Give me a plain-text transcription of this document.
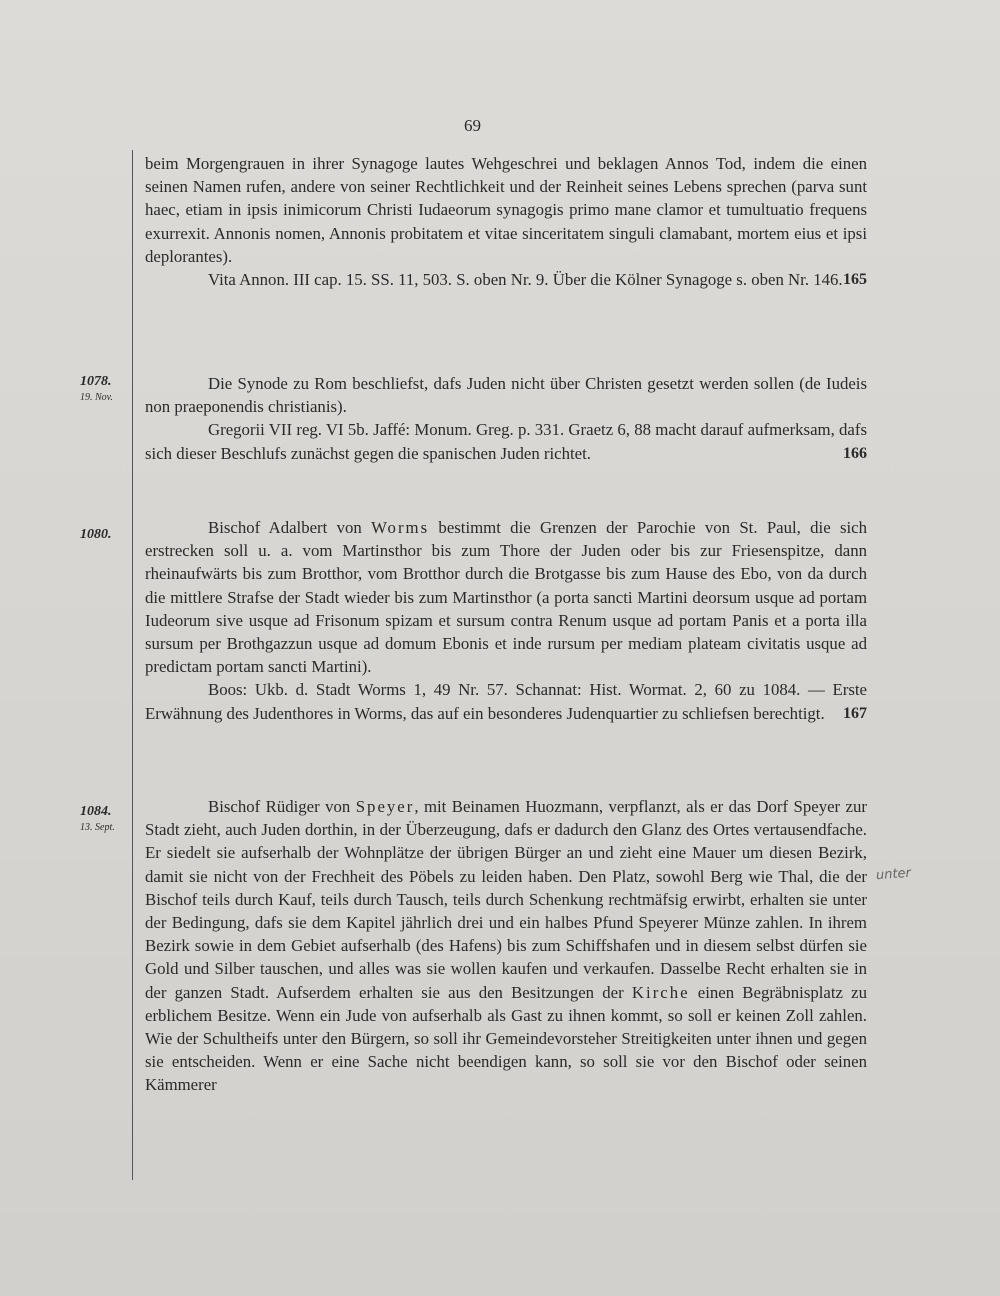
69

beim Morgengrauen in ihrer Synagoge lautes Wehgeschrei und beklagen Annos Tod, indem die einen seinen Namen rufen, andere von seiner Rechtlichkeit und der Reinheit seines Lebens sprechen (parva sunt haec, etiam in ipsis inimicorum Christi Iudaeorum synagogis primo mane clamor et tumultuatio frequens exurrexit. Annonis nomen, Annonis probitatem et vitae sinceritatem singuli clamabant, mortem eius et ipsi deplorantes).

Vita Annon. III cap. 15. SS. 11, 503. S. oben Nr. 9. Über die Kölner Synagoge s. oben Nr. 146. 165
1078.
19. Nov.

Die Synode zu Rom beschliefst, dafs Juden nicht über Christen gesetzt werden sollen (de Iudeis non praeponendis christianis).

Gregorii VII reg. VI 5b. Jaffé: Monum. Greg. p. 331. Graetz 6, 88 macht darauf aufmerksam, dafs sich dieser Beschlufs zunächst gegen die spanischen Juden richtet.	166
1080.	Bischof Adalbert von Worms bestimmt die Grenzen der Parochie von St. Paul, die sich erstrecken soll u. a. vom Martinsthor bis zum Thore der Juden oder bis zur Friesenspitze, dann rheinaufwärts bis zum Brotthor, vom Brotthor durch die Brotgasse bis zum Hause des Ebo, von da durch die mittlere Strafse der Stadt wieder bis zum Martinsthor (a porta sancti Martini deorsum usque ad portam Iudeorum sive usque ad Frisonum spizam et sursum contra Renum usque ad portam Panis et a porta illa sursum per Brothgazzun usque ad domum Ebonis et inde rursum per mediam plateam civitatis usque ad predictam portam sancti Martini).

Boos: Ukb. d. Stadt Worms 1, 49 Nr. 57. Schannat: Hist. Wormat. 2, 60 zu 1084. — Erste Erwähnung des Judenthores in Worms, das auf ein besonderes Judenquartier zu schliefsen berechtigt.	167
1084.
13. Sept.

Bischof Rüdiger von Speyer, mit Beinamen Huozmann, verpflanzt, als er das Dorf Speyer zur Stadt zieht, auch Juden dorthin, in der Überzeugung, dafs er dadurch den Glanz des Ortes vertausendfache. Er siedelt sie aufserhalb der Wohnplätze der übrigen Bürger an und zieht eine Mauer um diesen Bezirk, damit sie nicht von der Frechheit des Pöbels zu leiden haben. Den Platz, sowohl Berg wie Thal, die der Bischof teils durch Kauf, teils durch Tausch, teils durch Schenkung rechtmäfsig erwirbt, erhalten sie unter der Bedingung, dafs sie dem Kapitel jährlich drei und ein halbes Pfund Speyerer Münze zahlen. In ihrem Bezirk sowie in dem Gebiet aufserhalb (des Hafens) bis zum Schiffshafen und in diesem selbst dürfen sie Gold und Silber tauschen, und alles was sie wollen kaufen und verkaufen. Dasselbe Recht erhalten sie in der ganzen Stadt. Aufserdem erhalten sie aus den Besitzungen der Kirche einen Begräbnisplatz zu erblichem Besitze. Wenn ein Jude von aufserhalb als Gast zu ihnen kommt, so soll er keinen Zoll zahlen. Wie der Schultheifs unter den Bürgern, so soll ihr Gemeindevorsteher Streitigkeiten unter ihnen und gegen sie entscheiden. Wenn er eine Sache nicht beendigen kann, so soll sie vor den Bischof oder seinen Kämmerer

unter
